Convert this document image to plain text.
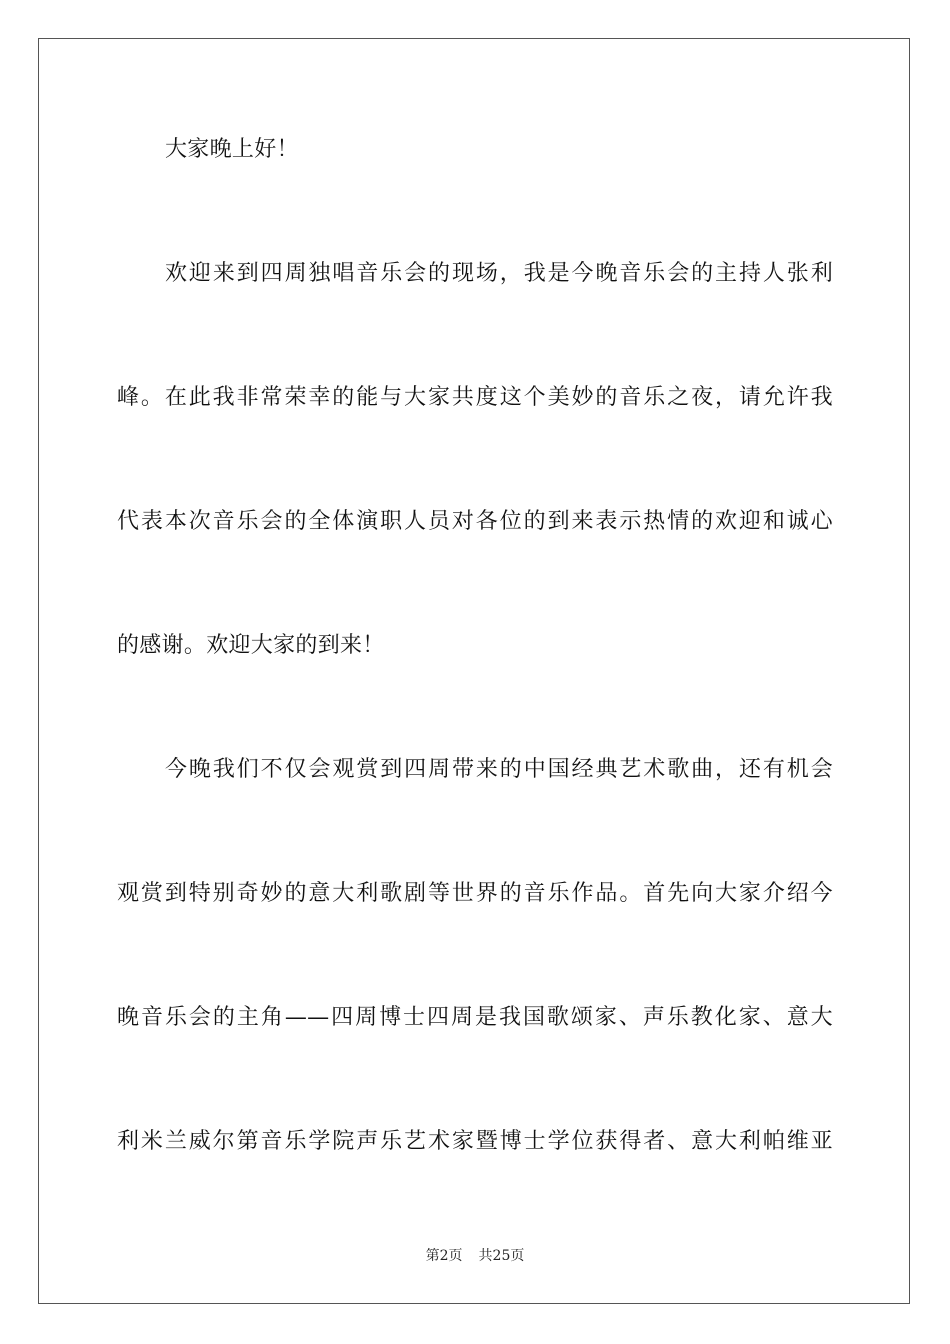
大家晚上好！
欢迎来到四周独唱音乐会的现场，我是今晚音乐会的主持人张利
峰。在此我非常荣幸的能与大家共度这个美妙的音乐之夜，请允许我
代表本次音乐会的全体演职人员对各位的到来表示热情的欢迎和诚心
的感谢。欢迎大家的到来！
今晚我们不仅会观赏到四周带来的中国经典艺术歌曲，还有机会
观赏到特别奇妙的意大利歌剧等世界的音乐作品。首先向大家介绍今
晚音乐会的主角——四周博士四周是我国歌颂家、声乐教化家、意大
利米兰威尔第音乐学院声乐艺术家暨博士学位获得者、意大利帕维亚
第2页 共25页
